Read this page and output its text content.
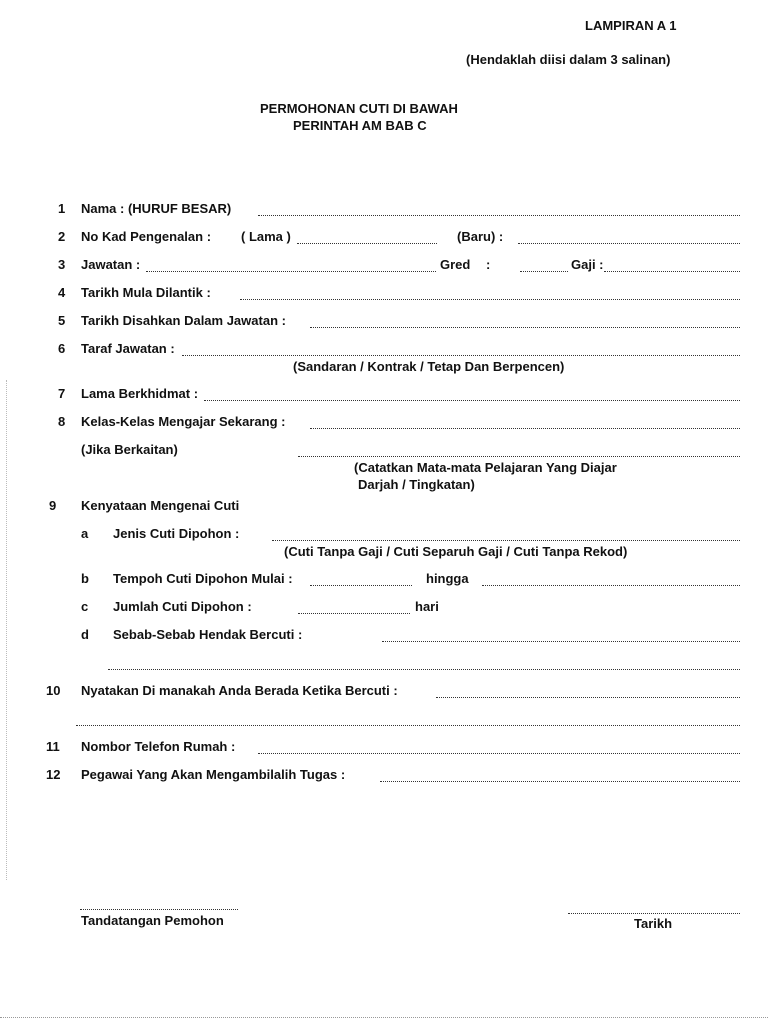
LAMPIRAN A 1
(Hendaklah diisi dalam 3 salinan)
PERMOHONAN CUTI DI BAWAH
PERINTAH AM BAB C
1 Nama : (HURUF BESAR)
2 No Kad Pengenalan : ( Lama )	(Baru) :
3 Jawatan :	Gred :	Gaji :
4 Tarikh Mula Dilantik :
5 Tarikh Disahkan Dalam Jawatan :
6 Taraf Jawatan :
(Sandaran / Kontrak / Tetap Dan Berpencen)
7 Lama Berkhidmat :
8 Kelas-Kelas Mengajar Sekarang :
(Jika Berkaitan)
(Catatkan Mata-mata Pelajaran Yang Diajar
Darjah / Tingkatan)
9 Kenyataan Mengenai Cuti
a Jenis Cuti Dipohon :
(Cuti Tanpa Gaji / Cuti Separuh Gaji / Cuti Tanpa Rekod)
b Tempoh Cuti Dipohon Mulai :	hingga
c Jumlah Cuti Dipohon :	hari
d Sebab-Sebab Hendak Bercuti :
10 Nyatakan Di manakah Anda Berada Ketika Bercuti :
11 Nombor Telefon Rumah :
12 Pegawai Yang Akan Mengambilalih Tugas :
Tandatangan Pemohon	Tarikh
